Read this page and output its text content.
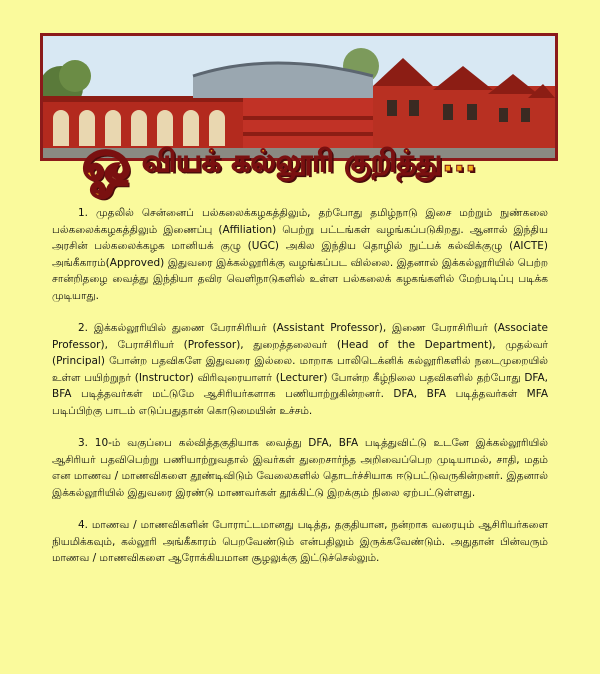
ஓ வியக் கல்லூரி குறித்து...

1. முதலில் சென்னைப் பல்கலைக்கழகத்திலும், தற்போது தமிழ்நாடு இசை மற்றும் நுண்கலை பல்கலைக்கழகத்திலும் இணைப்பு (Affiliation) பெற்று பட்டங்கள் வழங்கப்படுகிறது. ஆனால் இந்திய அரசின் பல்கலைக்கழக மானியக் குழு (UGC) அகில இந்திய தொழில் நுட்பக் கல்விக்குழு (AICTE) அங்கீகாரம்(Approved) இதுவரை இக்கல்லூரிக்கு வழங்கப்பட வில்லை. இதனால் இக்கல்லூரியில் பெற்ற சான்றிதழை வைத்து இந்தியா தவிர வெளிநாடுகளில் உள்ள பல்கலைக் கழகங்களில் மேற்படிப்பு படிக்க முடியாது.

2. இக்கல்லூரியில் துணை பேராசிரியர் (Assistant Professor), இணை பேராசிரியர் (Associate Professor), பேராசிரியர் (Professor), துறைத்தலைவர் (Head of the Department), முதல்வர் (Principal) போன்ற பதவிகளே இதுவரை இல்லை. மாறாக பாலிடெக்னிக் கல்லூரிகளில் நடைமுறையில் உள்ள பயிற்றுநர் (Instructor) விரிவுரையாளர் (Lecturer) போன்ற கீழ்நிலை பதவிகளில் தற்போது DFA, BFA படித்தவர்கள் மட்டுமே ஆசிரியர்களாக பணியாற்றுகின்றனர். DFA, BFA படித்தவர்கள் MFA படிப்பிற்கு பாடம் எடுப்பதுதான் கொடுமையின் உச்சம்.

3. 10-ம் வகுப்பை கல்வித்தகுதியாக வைத்து DFA, BFA படித்துவிட்டு உடனே இக்கல்லூரியில் ஆசிரியர் பதவிபெற்று பணியாற்றுவதால் இவர்கள் துறைசார்ந்த அறிவைப்பெற முடியாமல், சாதி, மதம் என மாணவ / மாணவிகளை தூண்டிவிடும் வேலைகளில் தொடர்ச்சியாக ஈடுபட்டுவருகின்றனர். இதனால் இக்கல்லூரியில் இதுவரை இரண்டு மாணவர்கள் தூக்கிட்டு இறக்கும் நிலை ஏற்பட்டுள்ளது.

4. மாணவ / மாணவிகளின் போராட்டமானது படித்த, தகுதியான, நன்றாக வரையும் ஆசிரியர்களை நியமிக்கவும், கல்லூரி அங்கீகாரம் பெறவேண்டும் என்பதிலும் இருக்கவேண்டும். அதுதான் பின்வரும் மாணவ / மாணவிகளை ஆரோக்கியமான சூழலுக்கு இட்டுச்செல்லும்.
